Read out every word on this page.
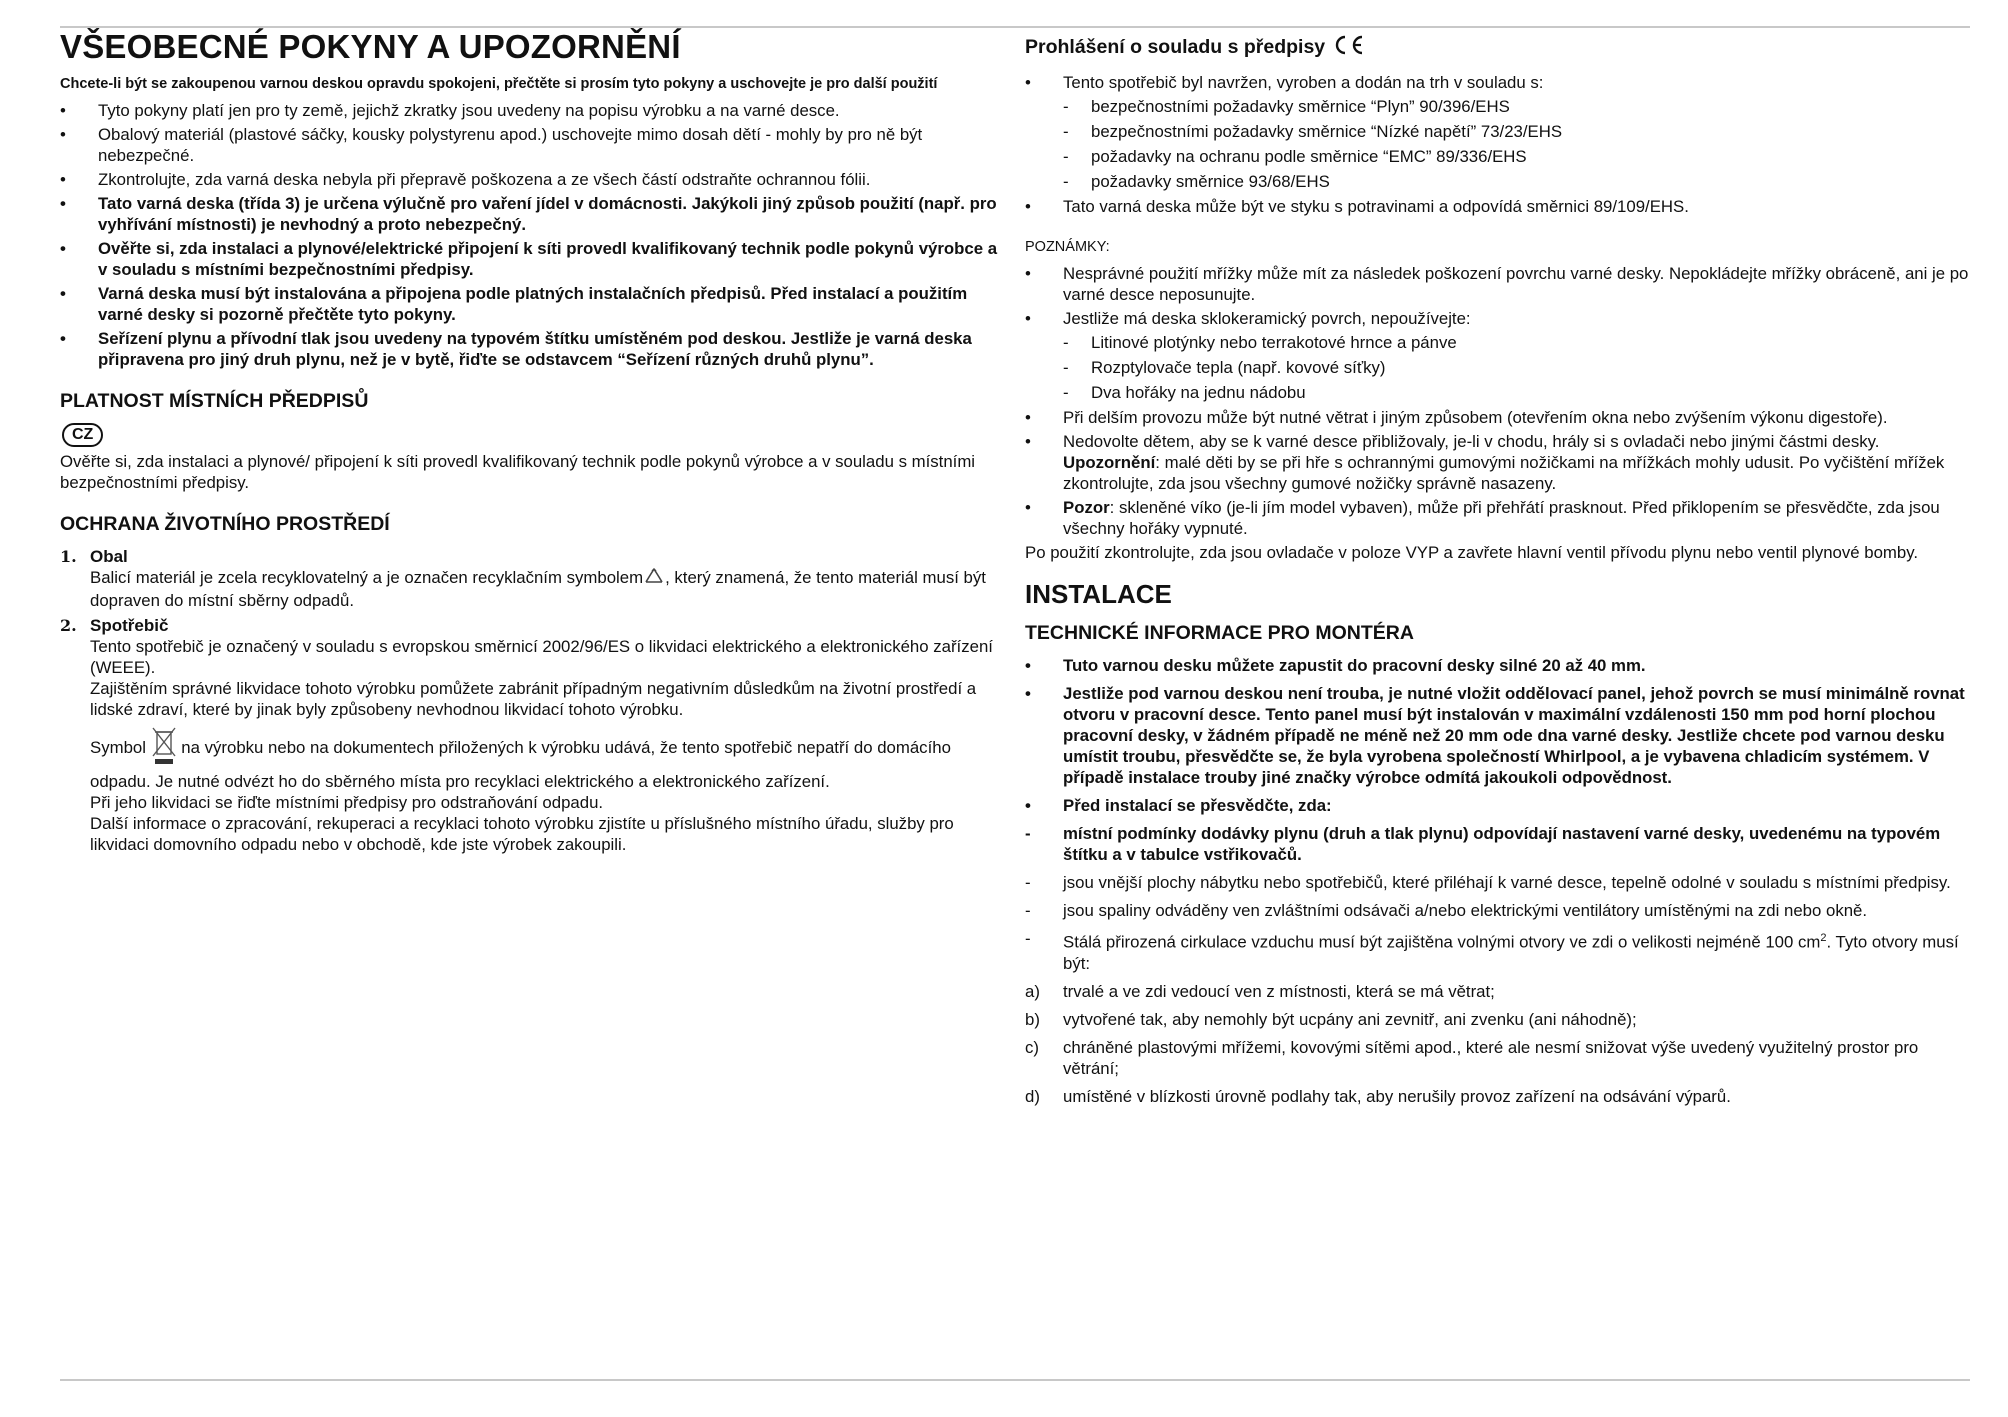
VŠEOBECNÉ POKYNY A UPOZORNĚNÍ

Chcete-li být se zakoupenou varnou deskou opravdu spokojeni, přečtěte si prosím tyto pokyny a uschovejte je pro další použití

• Tyto pokyny platí jen pro ty země, jejichž zkratky jsou uvedeny na popisu výrobku a na varné desce.
• Obalový materiál (plastové sáčky, kousky polystyrenu apod.) uschovejte mimo dosah dětí - mohly by pro ně být nebezpečné.
• Zkontrolujte, zda varná deska nebyla při přepravě poškozena a ze všech částí odstraňte ochrannou fólii.
• Tato varná deska (třída 3) je určena výlučně pro vaření jídel v domácnosti. Jakýkoli jiný způsob použití (např. pro vyhřívání místnosti) je nevhodný a proto nebezpečný.
• Ověřte si, zda instalaci a plynové/elektrické připojení k síti provedl kvalifikovaný technik podle pokynů výrobce a v souladu s místními bezpečnostními předpisy.
• Varná deska musí být instalována a připojena podle platných instalačních předpisů. Před instalací a použitím varné desky si pozorně přečtěte tyto pokyny.
• Seřízení plynu a přívodní tlak jsou uvedeny na typovém štítku umístěném pod deskou. Jestliže je varná deska připravena pro jiný druh plynu, než je v bytě, řiďte se odstavcem “Seřízení různých druhů plynu”.
PLATNOST MÍSTNÍCH PŘEDPISŮ
CZ

Ověřte si, zda instalaci a plynové/ připojení k síti provedl kvalifikovaný technik podle pokynů výrobce a v souladu s místními bezpečnostními předpisy.

OCHRANA ŽIVOTNÍHO PROSTŘEDÍ
1. Obal

Balicí materiál je zcela recyklovatelný a je označen recyklačním symbolem , který znamená, že tento materiál musí být dopraven do místní sběrny odpadů.

2. Spotřebič

Tento spotřebič je označený v souladu s evropskou směrnicí 2002/96/ES o likvidaci elektrického a elektronického zařízení (WEEE).

Zajištěním správné likvidace tohoto výrobku pomůžete zabránit případným negativním důsledkům na životní prostředí a lidské zdraví, které by jinak byly způsobeny nevhodnou likvidací tohoto výrobku.

Symbol  na výrobku nebo na dokumentech přiložených k výrobku udává, že tento spotřebič nepatří do domácího odpadu. Je nutné odvézt ho do sběrného místa pro recyklaci elektrického a elektronického zařízení.

Při jeho likvidaci se řiďte místními předpisy pro odstraňování odpadu.

Další informace o zpracování, rekuperaci a recyklaci tohoto výrobku zjistíte u příslušného místního úřadu, služby pro likvidaci domovního odpadu nebo v obchodě, kde jste výrobek zakoupili.

Prohlášení o souladu s předpisy
• Tento spotřebič byl navržen, vyroben a dodán na trh v souladu s:
- bezpečnostními požadavky směrnice “Plyn” 90/396/EHS
- bezpečnostními požadavky směrnice “Nízké napětí” 73/23/EHS
- požadavky na ochranu podle směrnice “EMC” 89/336/EHS
- požadavky směrnice 93/68/EHS
• Tato varná deska může být ve styku s potravinami a odpovídá směrnici 89/109/EHS.

POZNÁMKY:

• Nesprávné použití mřížky může mít za následek poškození povrchu varné desky. Nepokládejte mřížky obráceně, ani je po varné desce neposunujte.
• Jestliže má deska sklokeramický povrch, nepoužívejte:
- Litinové plotýnky nebo terrakotové hrnce a pánve
- Rozptylovače tepla (např. kovové síťky)
- Dva hořáky na jednu nádobu
• Při delším provozu může být nutné větrat i jiným způsobem (otevřením okna nebo zvýšením výkonu digestoře).
• Nedovolte dětem, aby se k varné desce přibližovaly, je-li v chodu, hrály si s ovladači nebo jinými částmi desky.
Upozornění: malé děti by se při hře s ochrannými gumovými nožičkami na mřížkách mohly udusit. Po vyčištění mřížek zkontrolujte, zda jsou všechny gumové nožičky správně nasazeny.
• Pozor: skleněné víko (je-li jím model vybaven), může při přehřátí prasknout. Před přiklopením se přesvědčte, zda jsou všechny hořáky vypnuté.

Po použití zkontrolujte, zda jsou ovladače v poloze VYP a zavřete hlavní ventil přívodu plynu nebo ventil plynové bomby.

INSTALACE
TECHNICKÉ INFORMACE PRO MONTÉRA
• Tuto varnou desku můžete zapustit do pracovní desky silné 20 až 40 mm.
• Jestliže pod varnou deskou není trouba, je nutné vložit oddělovací panel, jehož povrch se musí minimálně rovnat otvoru v pracovní desce. Tento panel musí být instalován v maximální vzdálenosti 150 mm pod horní plochou pracovní desky, v žádném případě ne méně než 20 mm ode dna varné desky. Jestliže chcete pod varnou desku umístit troubu, přesvědčte se, že byla vyrobena společností Whirlpool, a je vybavena chladicím systémem. V případě instalace trouby jiné značky výrobce odmítá jakoukoli odpovědnost.
• Před instalací se přesvědčte, zda:
- místní podmínky dodávky plynu (druh a tlak plynu) odpovídají nastavení varné desky, uvedenému na typovém štítku a v tabulce vstřikovačů.
- jsou vnější plochy nábytku nebo spotřebičů, které přiléhají k varné desce, tepelně odolné v souladu s místními předpisy.
- jsou spaliny odváděny ven zvláštními odsávači a/nebo elektrickými ventilátory umístěnými na zdi nebo okně.
- Stálá přirozená cirkulace vzduchu musí být zajištěna volnými otvory ve zdi o velikosti nejméně 100 $cm^2$. Tyto otvory musí být:
a) trvalé a ve zdi vedoucí ven z místnosti, která se má větrat;
b) vytvořené tak, aby nemohly být ucpány ani zevnitř, ani zvenku (ani náhodně);
c) chráněné plastovými mřížemi, kovovými sítěmi apod., které ale nesmí snižovat výše uvedený využitelný prostor pro větrání;
d) umístěné v blízkosti úrovně podlahy tak, aby nerušily provoz zařízení na odsávání výparů.
